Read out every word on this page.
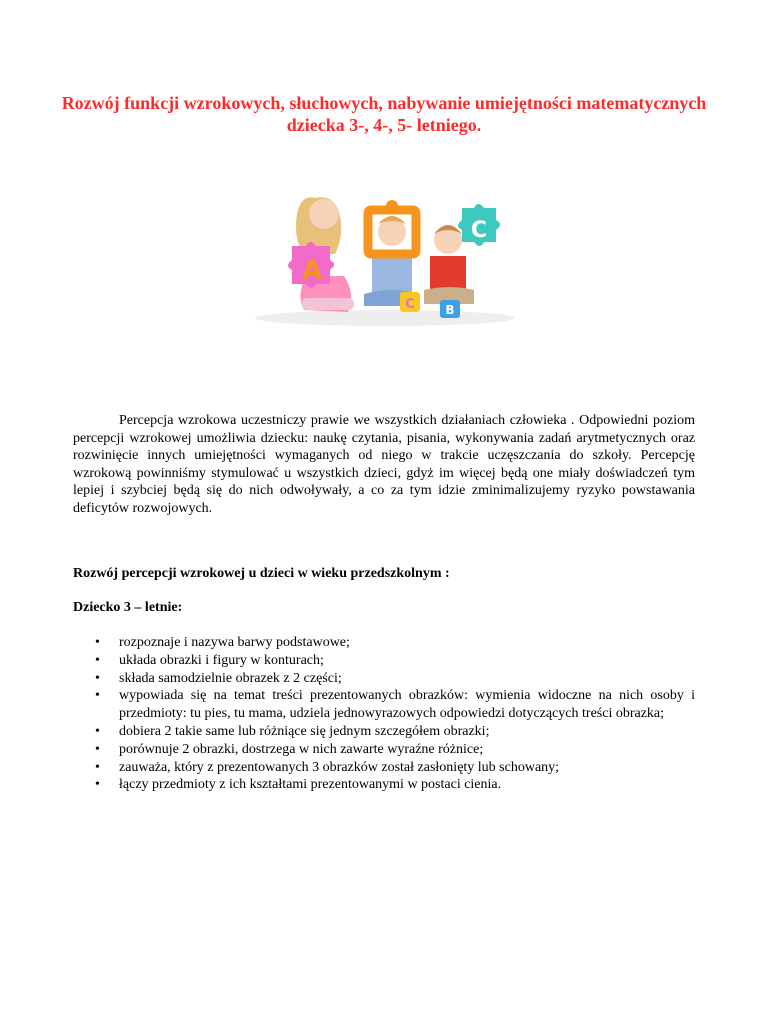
Rozwój funkcji wzrokowych, słuchowych, nabywanie umiejętności matematycznych dziecka 3-, 4-, 5- letniego.
A
C	B
C

Percepcja wzrokowa uczestniczy prawie we wszystkich działaniach człowieka . Odpowiedni poziom percepcji wzrokowej umożliwia dziecku: naukę czytania, pisania, wykonywania zadań arytmetycznych oraz rozwinięcie innych umiejętności wymaganych od niego w trakcie uczęszczania do szkoły. Percepcję wzrokową powinniśmy stymulować u wszystkich dzieci, gdyż im więcej będą one miały doświadczeń tym lepiej i szybciej będą się do nich odwoływały, a co za tym idzie zminimalizujemy ryzyko powstawania deficytów rozwojowych.

Rozwój percepcji wzrokowej u dzieci w wieku przedszkolnym :

Dziecko 3 – letnie:

• rozpoznaje i nazywa barwy podstawowe;
• układa obrazki i figury w konturach;
• składa samodzielnie obrazek z 2 części;
• wypowiada się na temat treści prezentowanych obrazków: wymienia widoczne na nich osoby i przedmioty: tu pies, tu mama, udziela jednowyrazowych odpowiedzi dotyczących treści obrazka;
• dobiera 2 takie same lub różniące się jednym szczegółem obrazki;
• porównuje 2 obrazki, dostrzega w nich zawarte wyraźne różnice;
• zauważa, który z prezentowanych 3 obrazków został zasłonięty lub schowany;
• łączy przedmioty z ich kształtami prezentowanymi w postaci cienia.
